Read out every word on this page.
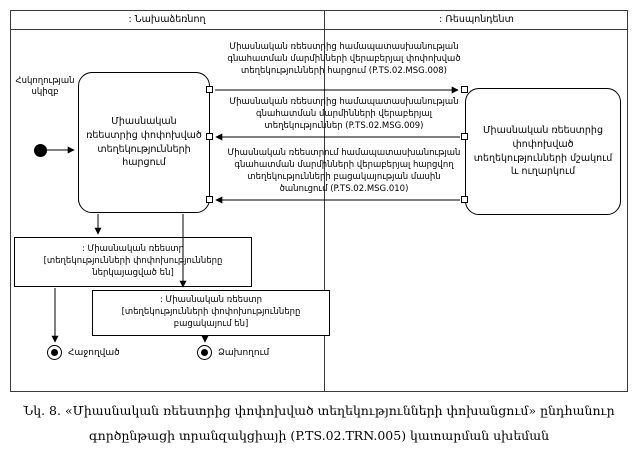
: Նախաձեռնող	: Ռեսպոնդենտ
Հսկողության սկիզբ
Միասնական ռեեստրից փոփոխված տեղեկությունների հարցում
Միասնական ռեեստրից փոփոխված տեղեկությունների մշակում և ուղարկում
Միասնական ռեեստրից համապատասխանության գնահատման մարմինների վերաբերյալ փոփոխված տեղեկությունների հարցում (P.TS.02.MSG.008)
Միասնական ռեեստրից համապատասխանության գնահատման մարմինների վերաբերյալ տեղեկություններ (P.TS.02.MSG.009)
Միասնական ռեեստրում համապատասխանության գնահատման մարմինների վերաբերյալ հարցվող տեղեկությունների բացակայության մասին ծանուցում (P.TS.02.MSG.010)
: Միասնական ռեեստր
[տեղեկությունների փոփոխությունները ներկայացված են]
: Միասնական ռեեստր
[տեղեկությունների փոփոխությունները բացակայում են]
Հաջողված	Ձախողում
Նկ. 8. «Միասնական ռեեստրից փոփոխված տեղեկությունների փոխանցում» ընդհանուր
գործընթացի տրանզակցիայի (P.TS.02.TRN.005) կատարման սխեման
